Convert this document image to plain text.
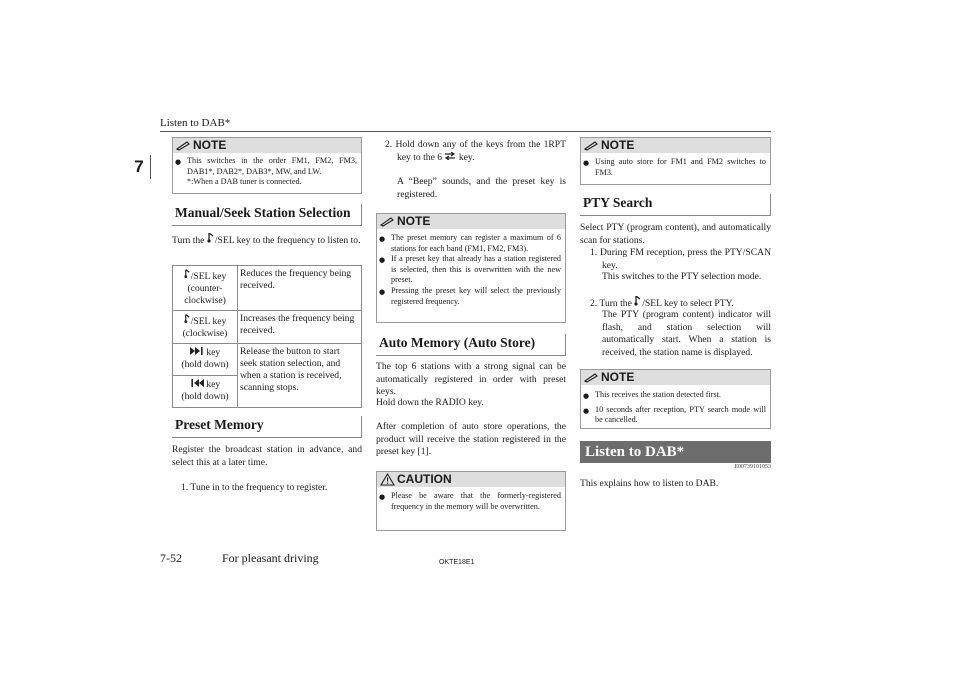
Listen to DAB*
7
NOTE
● This switches in the order FM1, FM2, FM3, DAB1*, DAB2*, DAB3*, MW, and LW.
*:When a DAB tuner is connected.
Manual/Seek Station Selection
Turn the /SEL key to the frequency to listen to.
/SEL key
(counter-clockwise)	Reduces the frequency being received.
/SEL key
(clockwise)	Increases the frequency being received.
key
(hold down)	Release the button to start seek station selection, and when a station is received, scanning stops.
key
(hold down)	
Preset Memory
Register the broadcast station in advance, and select this at a later time.
1. Tune in to the frequency to register.
2. Hold down any of the keys from the 1RPT key to the 6 key.
A “Beep” sounds, and the preset key is registered.
NOTE
● The preset memory can register a maximum of 6 stations for each band (FM1, FM2, FM3).
● If a preset key that already has a station registered is selected, then this is overwritten with the new preset.
● Pressing the preset key will select the previously registered frequency.
Auto Memory (Auto Store)
The top 6 stations with a strong signal can be automatically registered in order with preset keys.
Hold down the RADIO key.
After completion of auto store operations, the product will receive the station registered in the preset key [1].
CAUTION
● Please be aware that the formerly-registered frequency in the memory will be overwritten.
NOTE
● Using auto store for FM1 and FM2 switches to FM3.
PTY Search
Select PTY (program content), and automatically scan for stations.
1. During FM reception, press the PTY/SCAN key.
This switches to the PTY selection mode.
2. Turn the /SEL key to select PTY.
The PTY (program content) indicator will flash, and station selection will automatically start. When a station is received, the station name is displayed.
NOTE
● This receives the station detected first.
● 10 seconds after reception, PTY search mode will be cancelled.
Listen to DAB*
E00739101053
This explains how to listen to DAB.
7-52	For pleasant driving	OKTE18E1
